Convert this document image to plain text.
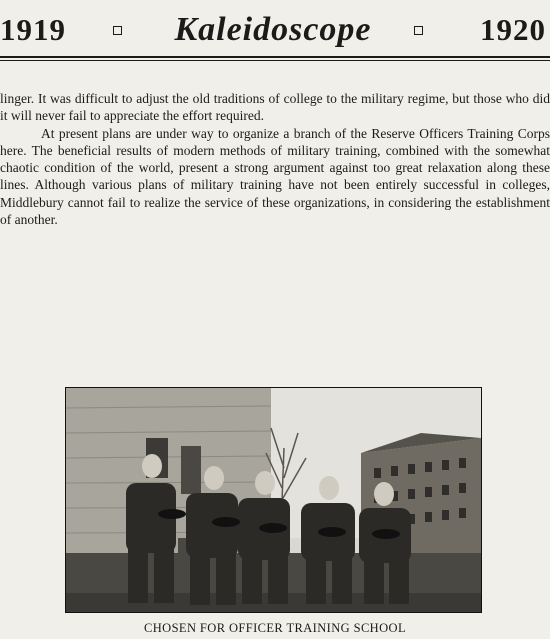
1919	Kaleidoscope	1920

linger. It was difficult to adjust the old traditions of college to the military regime, but those who did it will never fail to appreciate the effort required.

At present plans are under way to organize a branch of the Reserve Officers Training Corps here. The beneficial results of modern methods of military training, combined with the somewhat chaotic condition of the world, present a strong argument against too great relaxation along these lines. Although various plans of military training have not been entirely successful in colleges, Middlebury cannot fail to realize the service of these organizations, in considering the establishment of another.

CHOSEN FOR OFFICER TRAINING SCHOOL
